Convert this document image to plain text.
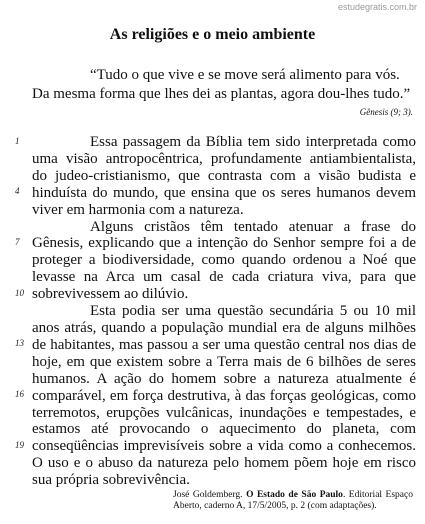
estudegratis.com.br
As religiões e o meio ambiente
“Tudo o que vive e se move será alimento para vós.
Da mesma forma que lhes dei as plantas, agora dou-lhes tudo.”
Gênesis (9; 3).
1
4
7
10
13
16
19

Essa passagem da Bíblia tem sido interpretada como uma visão antropocêntrica, profundamente antiambientalista, do judeo-cristianismo, que contrasta com a visão budista e hinduísta do mundo, que ensina que os seres humanos devem viver em harmonia com a natureza.

Alguns cristãos têm tentado atenuar a frase do Gênesis, explicando que a intenção do Senhor sempre foi a de proteger a biodiversidade, como quando ordenou a Noé que levasse na Arca um casal de cada criatura viva, para que sobrevivessem ao dilúvio.

Esta podia ser uma questão secundária 5 ou 10 mil anos atrás, quando a população mundial era de alguns milhões de habitantes, mas passou a ser uma questão central nos dias de hoje, em que existem sobre a Terra mais de 6 bilhões de seres humanos. A ação do homem sobre a natureza atualmente é comparável, em força destrutiva, à das forças geológicas, como terremotos, erupções vulcânicas, inundações e tempestades, e estamos até provocando o aquecimento do planeta, com conseqüências imprevisíveis sobre a vida como a conhecemos. O uso e o abuso da natureza pelo homem põem hoje em risco sua própria sobrevivência.

José Goldemberg. O Estado de São Paulo. Editorial Espaço Aberto, caderno A, 17/5/2005, p. 2 (com adaptações).
